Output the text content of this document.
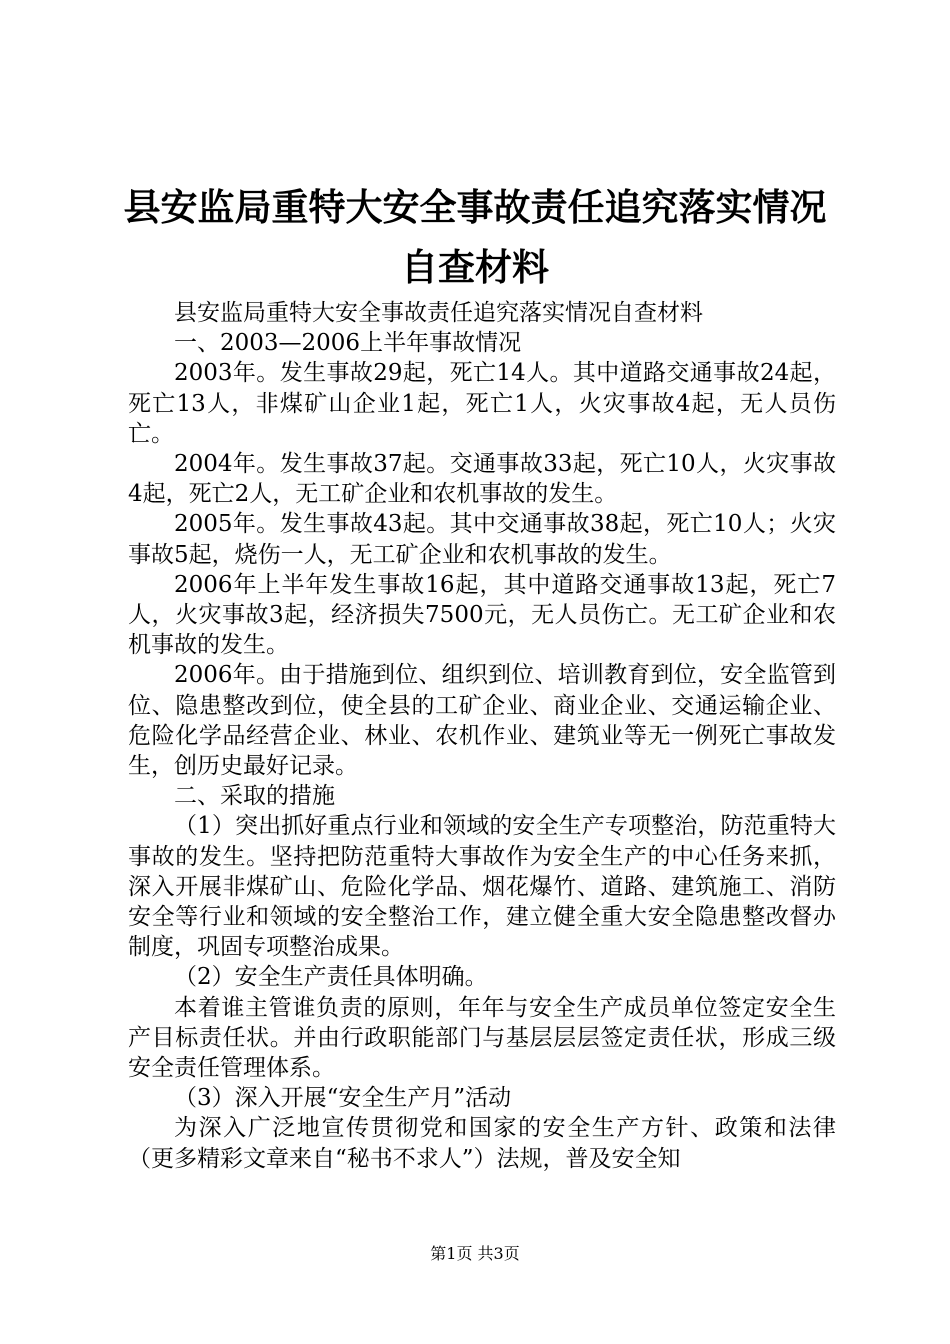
县安监局重特大安全事故责任追究落实情况自查材料

县安监局重特大安全事故责任追究落实情况自查材料

一、2003—2006上半年事故情况

2003年。发生事故29起，死亡14人。其中道路交通事故24起，死亡13人，非煤矿山企业1起，死亡1人，火灾事故4起，无人员伤亡。

2004年。发生事故37起。交通事故33起，死亡10人，火灾事故4起，死亡2人，无工矿企业和农机事故的发生。

2005年。发生事故43起。其中交通事故38起，死亡10人；火灾事故5起，烧伤一人，无工矿企业和农机事故的发生。

2006年上半年发生事故16起，其中道路交通事故13起，死亡7人，火灾事故3起，经济损失7500元，无人员伤亡。无工矿企业和农机事故的发生。

2006年。由于措施到位、组织到位、培训教育到位，安全监管到位、隐患整改到位，使全县的工矿企业、商业企业、交通运输企业、危险化学品经营企业、林业、农机作业、建筑业等无一例死亡事故发生，创历史最好记录。

二、采取的措施

（1）突出抓好重点行业和领域的安全生产专项整治，防范重特大事故的发生。坚持把防范重特大事故作为安全生产的中心任务来抓，深入开展非煤矿山、危险化学品、烟花爆竹、道路、建筑施工、消防安全等行业和领域的安全整治工作，建立健全重大安全隐患整改督办制度，巩固专项整治成果。

（2）安全生产责任具体明确。

本着谁主管谁负责的原则，年年与安全生产成员单位签定安全生产目标责任状。并由行政职能部门与基层层层签定责任状，形成三级安全责任管理体系。

（3）深入开展“安全生产月”活动

为深入广泛地宣传贯彻党和国家的安全生产方针、政策和法律（更多精彩文章来自“秘书不求人”）法规，普及安全知

第1页 共3页
